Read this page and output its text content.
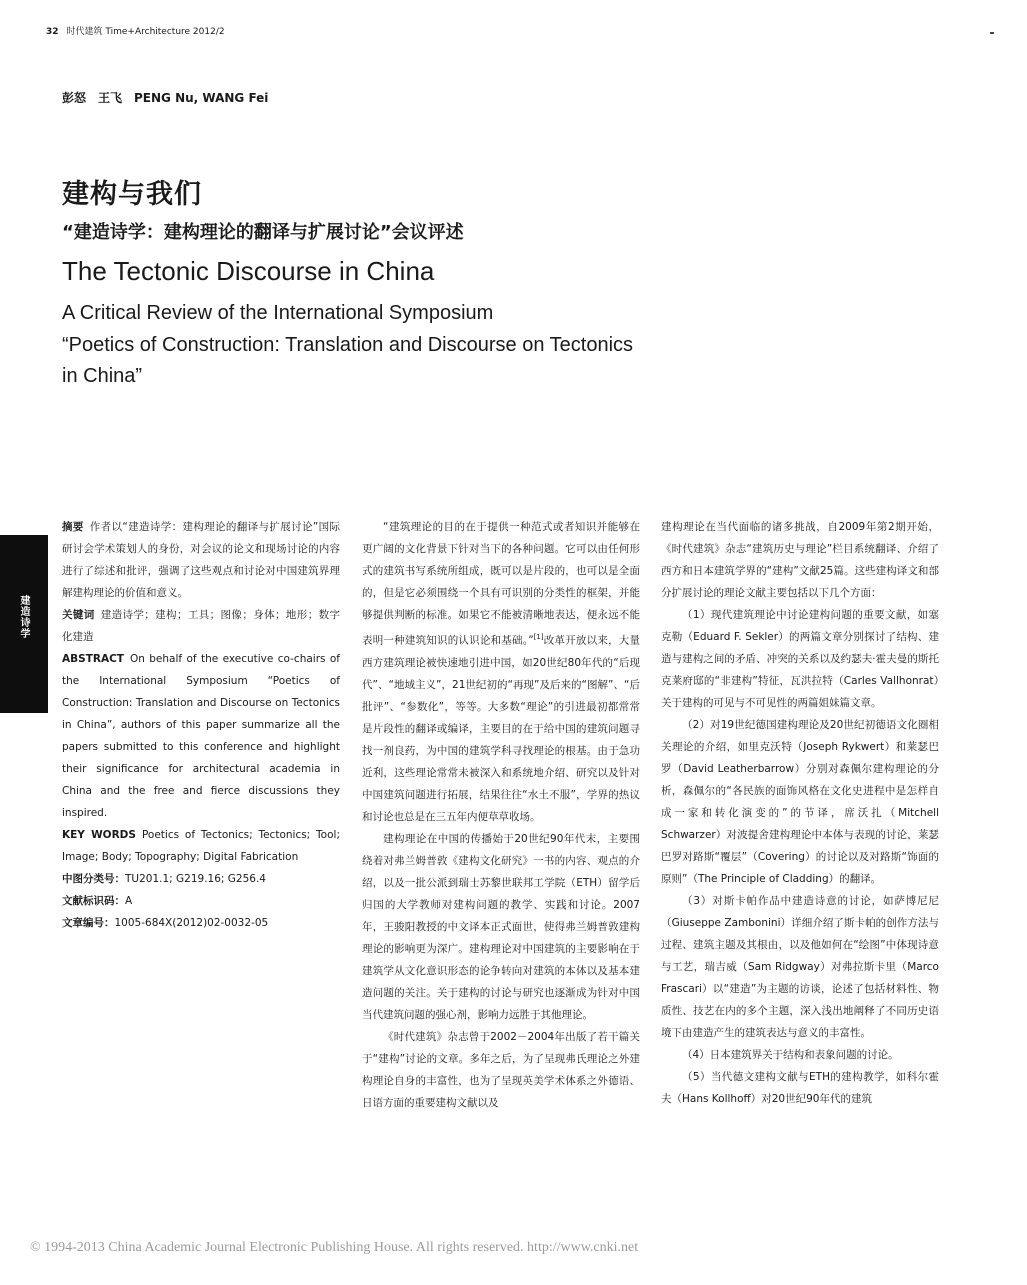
32 时代建筑 Time+Architecture 2012/2
彭怒　王飞　PENG Nu, WANG Fei
建构与我们
“建造诗学：建构理论的翻译与扩展讨论”会议评述
The Tectonic Discourse in China
A Critical Review of the International Symposium
“Poetics of Construction: Translation and Discourse on Tectonics
in China”
建造诗学

摘要 作者以“建造诗学：建构理论的翻译与扩展讨论”国际研讨会学术策划人的身份，对会议的论文和现场讨论的内容进行了综述和批评，强调了这些观点和讨论对中国建筑界理解建构理论的价值和意义。

关键词 建造诗学；建构；工具；图像；身体；地形；数字化建造

ABSTRACT On behalf of the executive co-chairs of the International Symposium “Poetics of Construction: Translation and Discourse on Tectonics in China”, authors of this paper summarize all the papers submitted to this conference and highlight their significance for architectural academia in China and the free and fierce discussions they inspired.

KEY WORDS Poetics of Tectonics; Tectonics; Tool; Image; Body; Topography; Digital Fabrication

中图分类号：TU201.1; G219.16; G256.4

文献标识码：A

文章编号：1005-684X(2012)02-0032-05

“建筑理论的目的在于提供一种范式或者知识并能够在更广阔的文化背景下针对当下的各种问题。它可以由任何形式的建筑书写系统所组成，既可以是片段的，也可以是全面的，但是它必须围绕一个具有可识别的分类性的框架，并能够提供判断的标准。如果它不能被清晰地表达，便永远不能表明一种建筑知识的认识论和基础。”[1]改革开放以来，大量西方建筑理论被快速地引进中国，如20世纪80年代的“后现代”、“地域主义”，21世纪初的“再现”及后来的“图解”、“后批评”、“参数化”，等等。大多数“理论”的引进最初都常常是片段性的翻译或编译，主要目的在于给中国的建筑问题寻找一剂良药，为中国的建筑学科寻找理论的根基。由于急功近利，这些理论常常未被深入和系统地介绍、研究以及针对中国建筑问题进行拓展，结果往往“水土不服”，学界的热议和讨论也总是在三五年内便草草收场。

建构理论在中国的传播始于20世纪90年代末，主要围绕着对弗兰姆普敦《建构文化研究》一书的内容、观点的介绍，以及一批公派到瑞士苏黎世联邦工学院（ETH）留学后归国的大学教师对建构问题的教学、实践和讨论。2007年，王骏阳教授的中文译本正式面世，使得弗兰姆普敦建构理论的影响更为深广。建构理论对中国建筑的主要影响在于建筑学从文化意识形态的论争转向对建筑的本体以及基本建造问题的关注。关于建构的讨论与研究也逐渐成为针对中国当代建筑问题的强心剂，影响力远胜于其他理论。

《时代建筑》杂志曾于2002－2004年出版了若干篇关于“建构”讨论的文章。多年之后，为了呈现弗氏理论之外建构理论自身的丰富性，也为了呈现英美学术体系之外德语、日语方面的重要建构文献以及

建构理论在当代面临的诸多挑战，自2009年第2期开始，《时代建筑》杂志“建筑历史与理论”栏目系统翻译、介绍了西方和日本建筑学界的“建构”文献25篇。这些建构译文和部分扩展讨论的理论文献主要包括以下几个方面：

（1）现代建筑理论中讨论建构问题的重要文献，如塞克勒（Eduard F. Sekler）的两篇文章分别探讨了结构、建造与建构之间的矛盾、冲突的关系以及约瑟夫·霍夫曼的斯托克莱府邸的“非建构”特征，瓦洪拉特（Carles Vallhonrat）关于建构的可见与不可见性的两篇姐妹篇文章。

（2）对19世纪德国建构理论及20世纪初德语文化圈相关理论的介绍，如里克沃特（Joseph Rykwert）和莱瑟巴罗（David Leatherbarrow）分别对森佩尔建构理论的分析，森佩尔的“各民族的面饰风格在文化史进程中是怎样自成一家和转化演变的”的节译，席沃扎（Mitchell Schwarzer）对波提舍建构理论中本体与表现的讨论，莱瑟巴罗对路斯“覆层”（Covering）的讨论以及对路斯“饰面的原则”（The Principle of Cladding）的翻译。

（3）对斯卡帕作品中建造诗意的讨论，如萨博尼尼（Giuseppe Zambonini）详细介绍了斯卡帕的创作方法与过程、建筑主题及其根由，以及他如何在“绘图”中体现诗意与工艺，瑞吉威（Sam Ridgway）对弗拉斯卡里（Marco Frascari）以“建造”为主题的访谈，论述了包括材料性、物质性、技艺在内的多个主题，深入浅出地阐释了不同历史语境下由建造产生的建筑表达与意义的丰富性。

（4）日本建筑界关于结构和表象问题的讨论。

（5）当代德文建构文献与ETH的建构教学，如科尔霍夫（Hans Kollhoff）对20世纪90年代的建筑

© 1994-2013 China Academic Journal Electronic Publishing House. All rights reserved. http://www.cnki.net
